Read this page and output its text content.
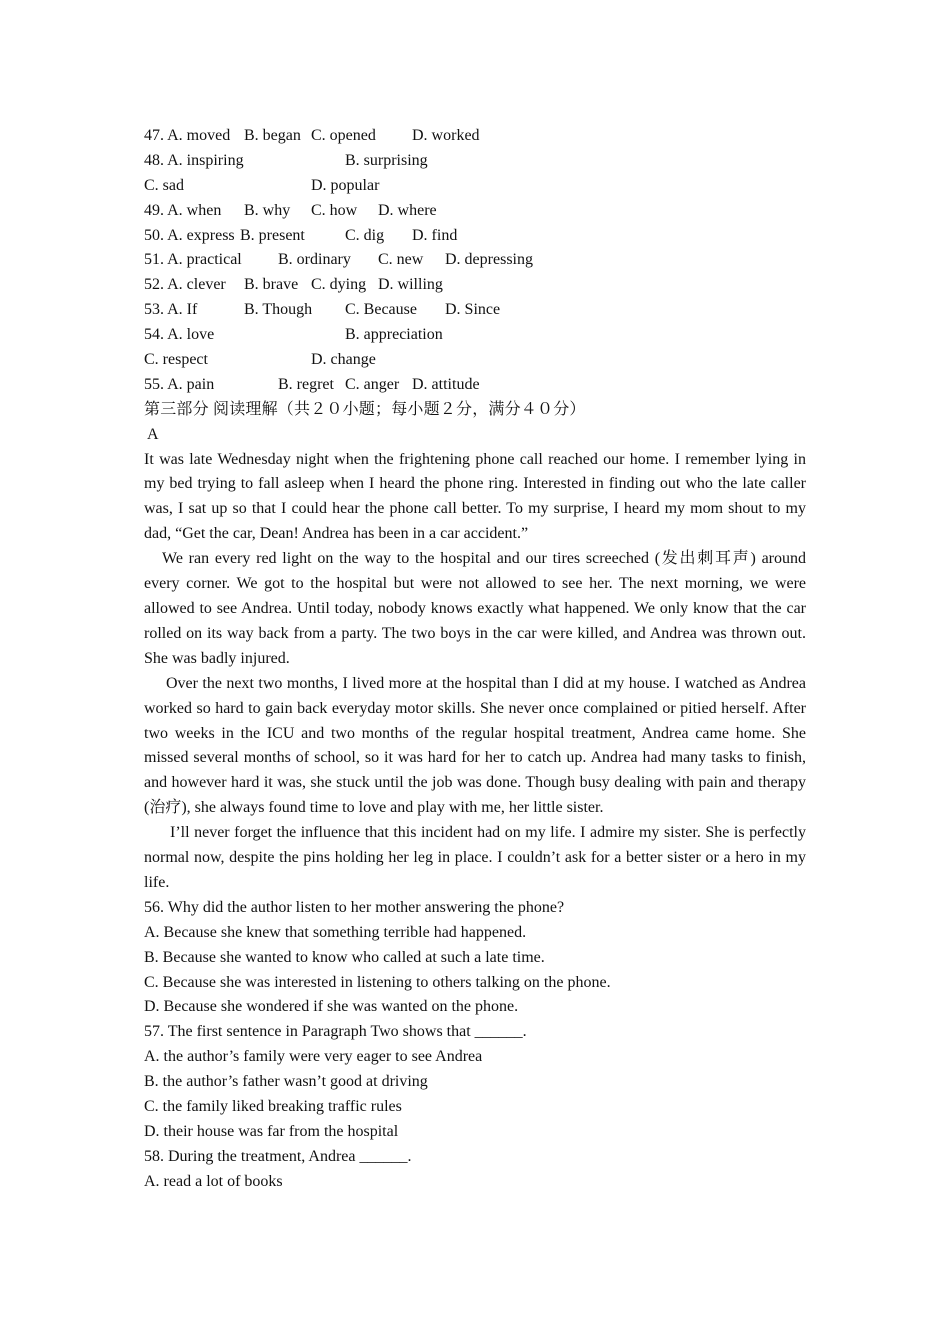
47. A. moved B. began C. opened D. worked
48. A. inspiring	B. surprising
C. sad	D. popular
49. A. when B. why C. how D. where
50. A. express B. present	C. dig D. find
51. A. practical B. ordinary C. new D. depressing
52. A. clever B. brave C. dying D. willing
53. A. If	B. Though C. Because D. Since
54. A. love	B. appreciation
C. respect	D. change
55. A. pain	B. regret C. anger D. attitude
第三部分 阅读理解（共２０小题；每小题２分，满分４０分）
A

It was late Wednesday night when the frightening phone call reached our home. I remember lying in my bed trying to fall asleep when I heard the phone ring. Interested in finding out who the late caller was, I sat up so that I could hear the phone call better. To my surprise, I heard my mom shout to my dad, “Get the car, Dean! Andrea has been in a car accident.”

We ran every red light on the way to the hospital and our tires screeched (发出刺耳声) around every corner. We got to the hospital but were not allowed to see her. The next morning, we were allowed to see Andrea. Until today, nobody knows exactly what happened. We only know that the car rolled on its way back from a party. The two boys in the car were killed, and Andrea was thrown out. She was badly injured.

Over the next two months, I lived more at the hospital than I did at my house. I watched as Andrea worked so hard to gain back everyday motor skills. She never once complained or pitied herself. After two weeks in the ICU and two months of the regular hospital treatment, Andrea came home. She missed several months of school, so it was hard for her to catch up. Andrea had many tasks to finish, and however hard it was, she stuck until the job was done. Though busy dealing with pain and therapy (治疗), she always found time to love and play with me, her little sister.

I’ll never forget the influence that this incident had on my life. I admire my sister. She is perfectly normal now, despite the pins holding her leg in place. I couldn’t ask for a better sister or a hero in my life.

56. Why did the author listen to her mother answering the phone?
A. Because she knew that something terrible had happened.
B. Because she wanted to know who called at such a late time.
C. Because she was interested in listening to others talking on the phone.
D. Because she wondered if she was wanted on the phone.
57. The first sentence in Paragraph Two shows that ______.
A. the author’s family were very eager to see Andrea
B. the author’s father wasn’t good at driving
C. the family liked breaking traffic rules
D. their house was far from the hospital
58. During the treatment, Andrea ______.
A. read a lot of books
